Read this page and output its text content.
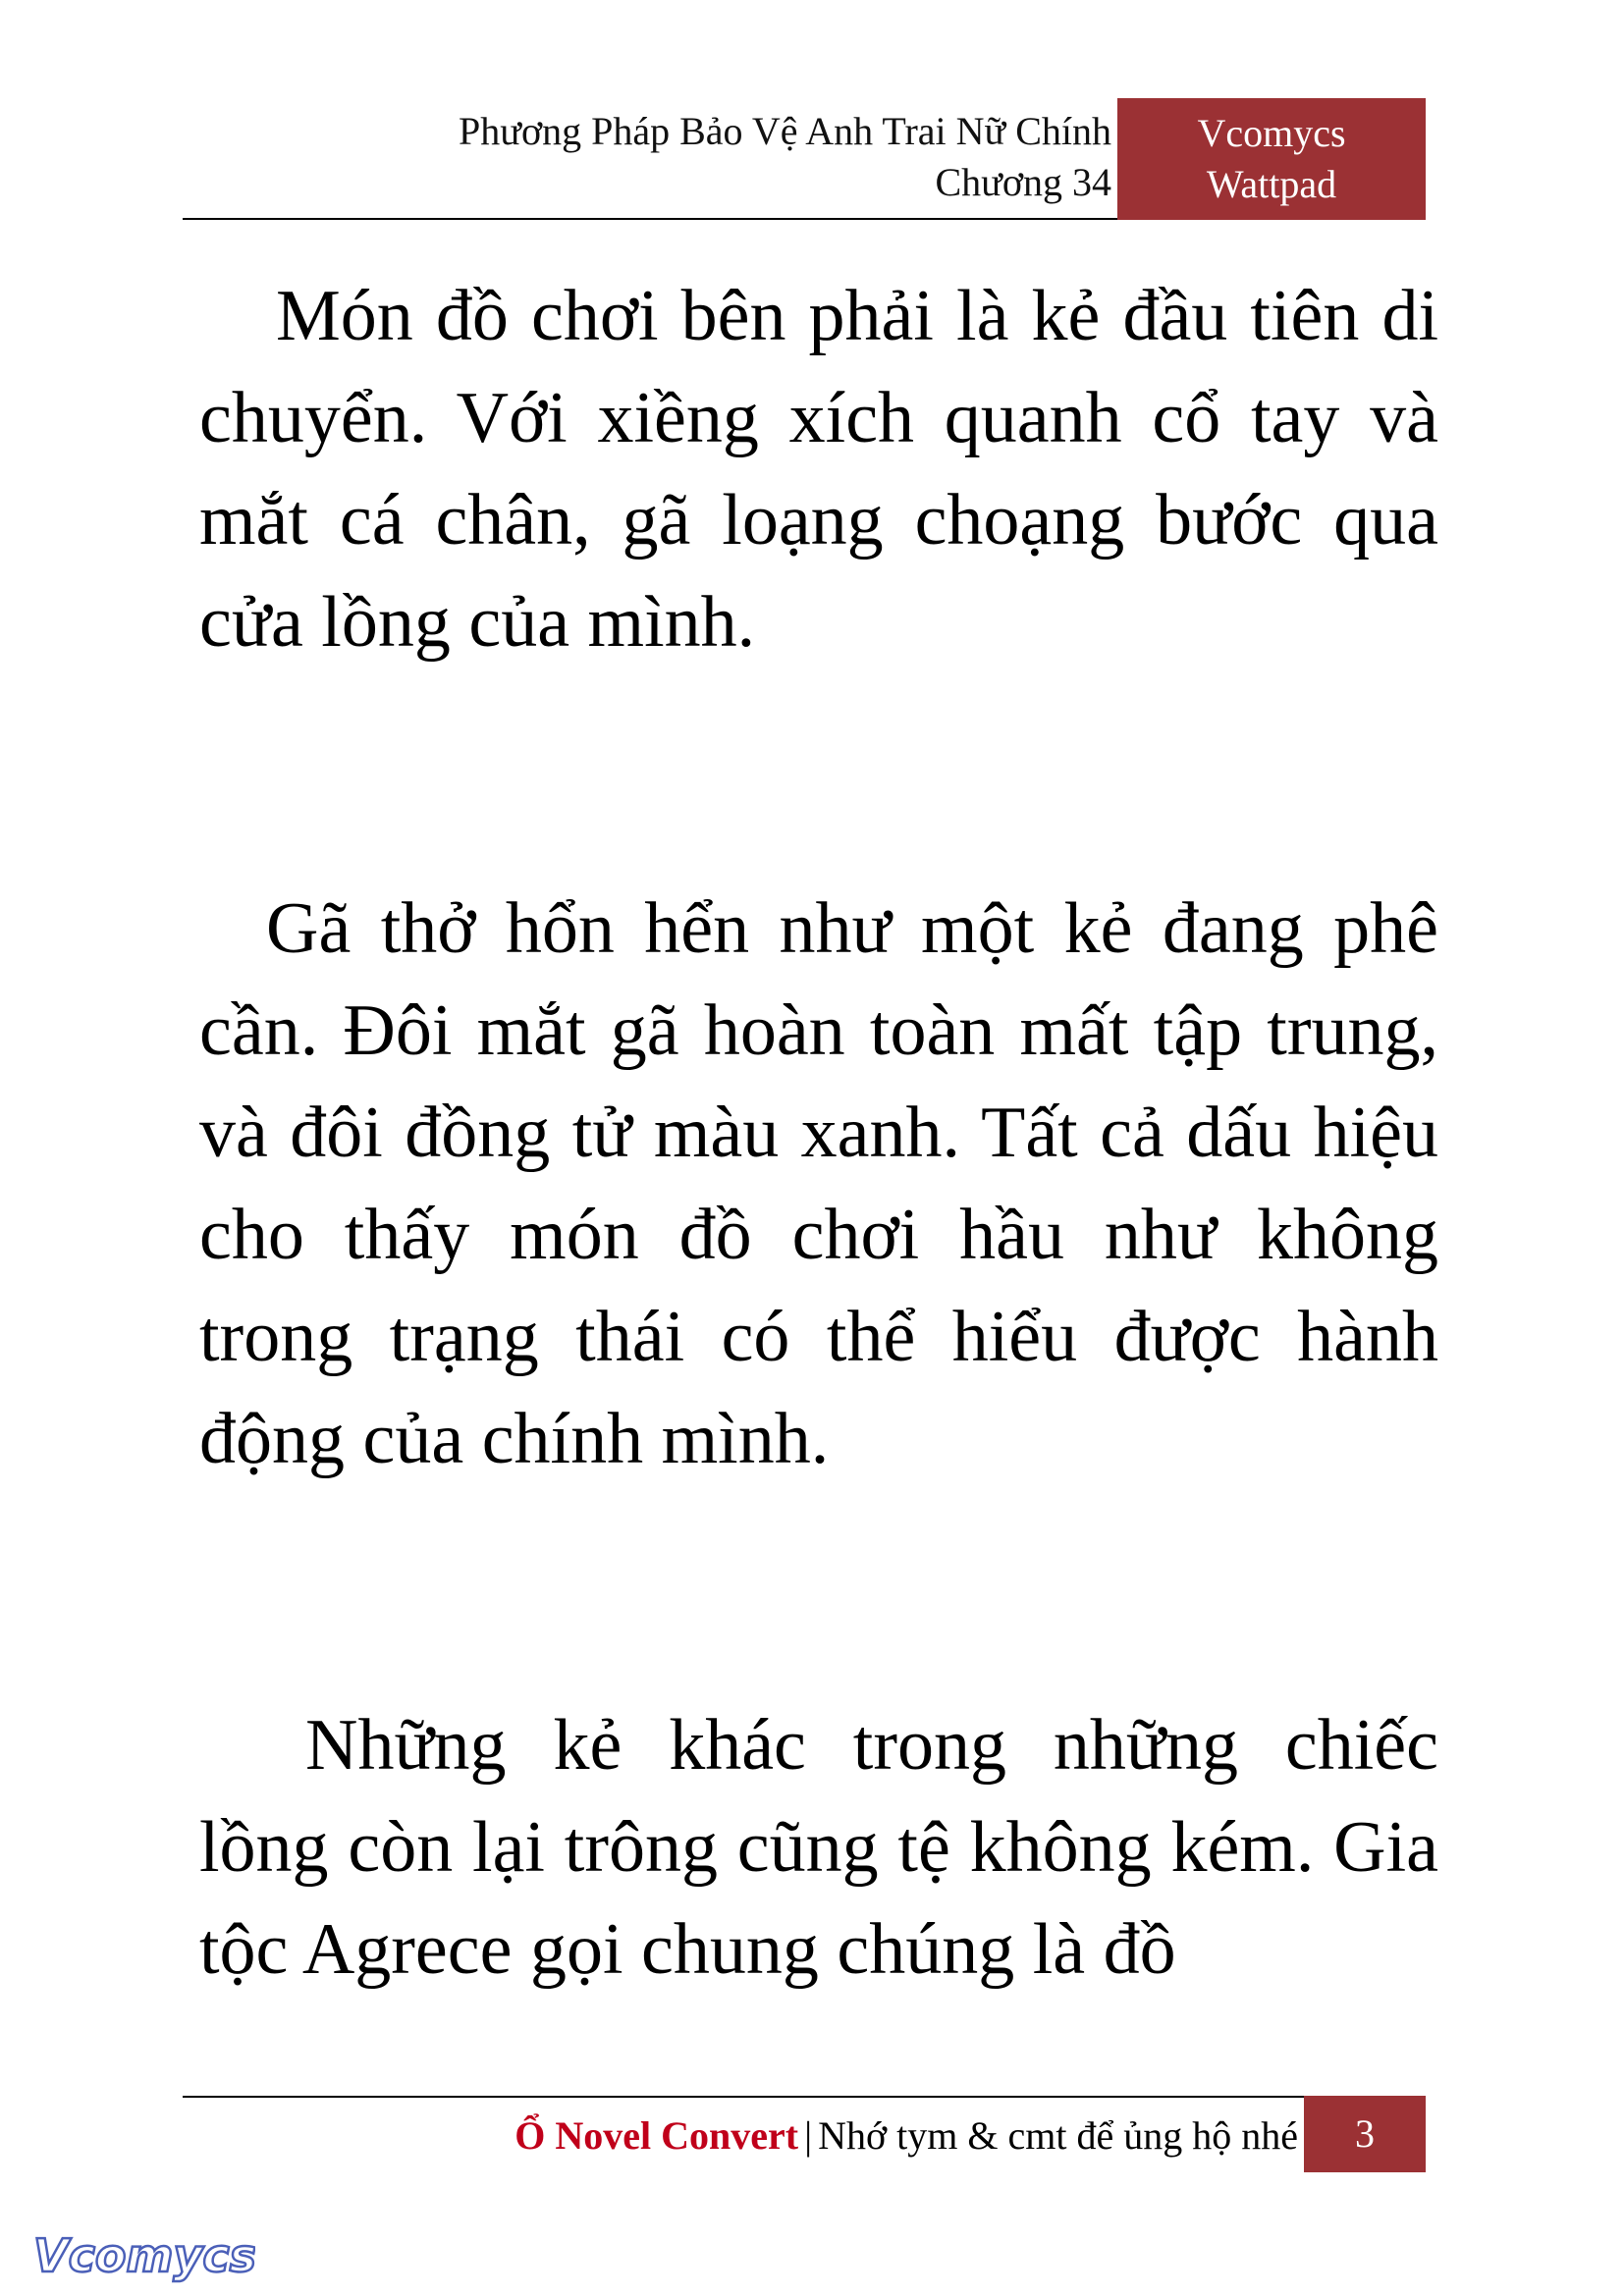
Phương Pháp Bảo Vệ Anh Trai Nữ Chính
Chương 34
Vcomycs
Wattpad

Món đồ chơi bên phải là kẻ đầu tiên di chuyển. Với xiềng xích quanh cổ tay và mắt cá chân, gã loạng choạng bước qua cửa lồng của mình.

Gã thở hổn hển như một kẻ đang phê cần. Đôi mắt gã hoàn toàn mất tập trung, và đôi đồng tử màu xanh. Tất cả dấu hiệu cho thấy món đồ chơi hầu như không trong trạng thái có thể hiểu được hành động của chính mình.

Những kẻ khác trong những chiếc lồng còn lại trông cũng tệ không kém. Gia tộc Agrece gọi chung chúng là đồ

Ổ Novel Convert | Nhớ tym & cmt để ủng hộ nhé	3
Vcomycs
